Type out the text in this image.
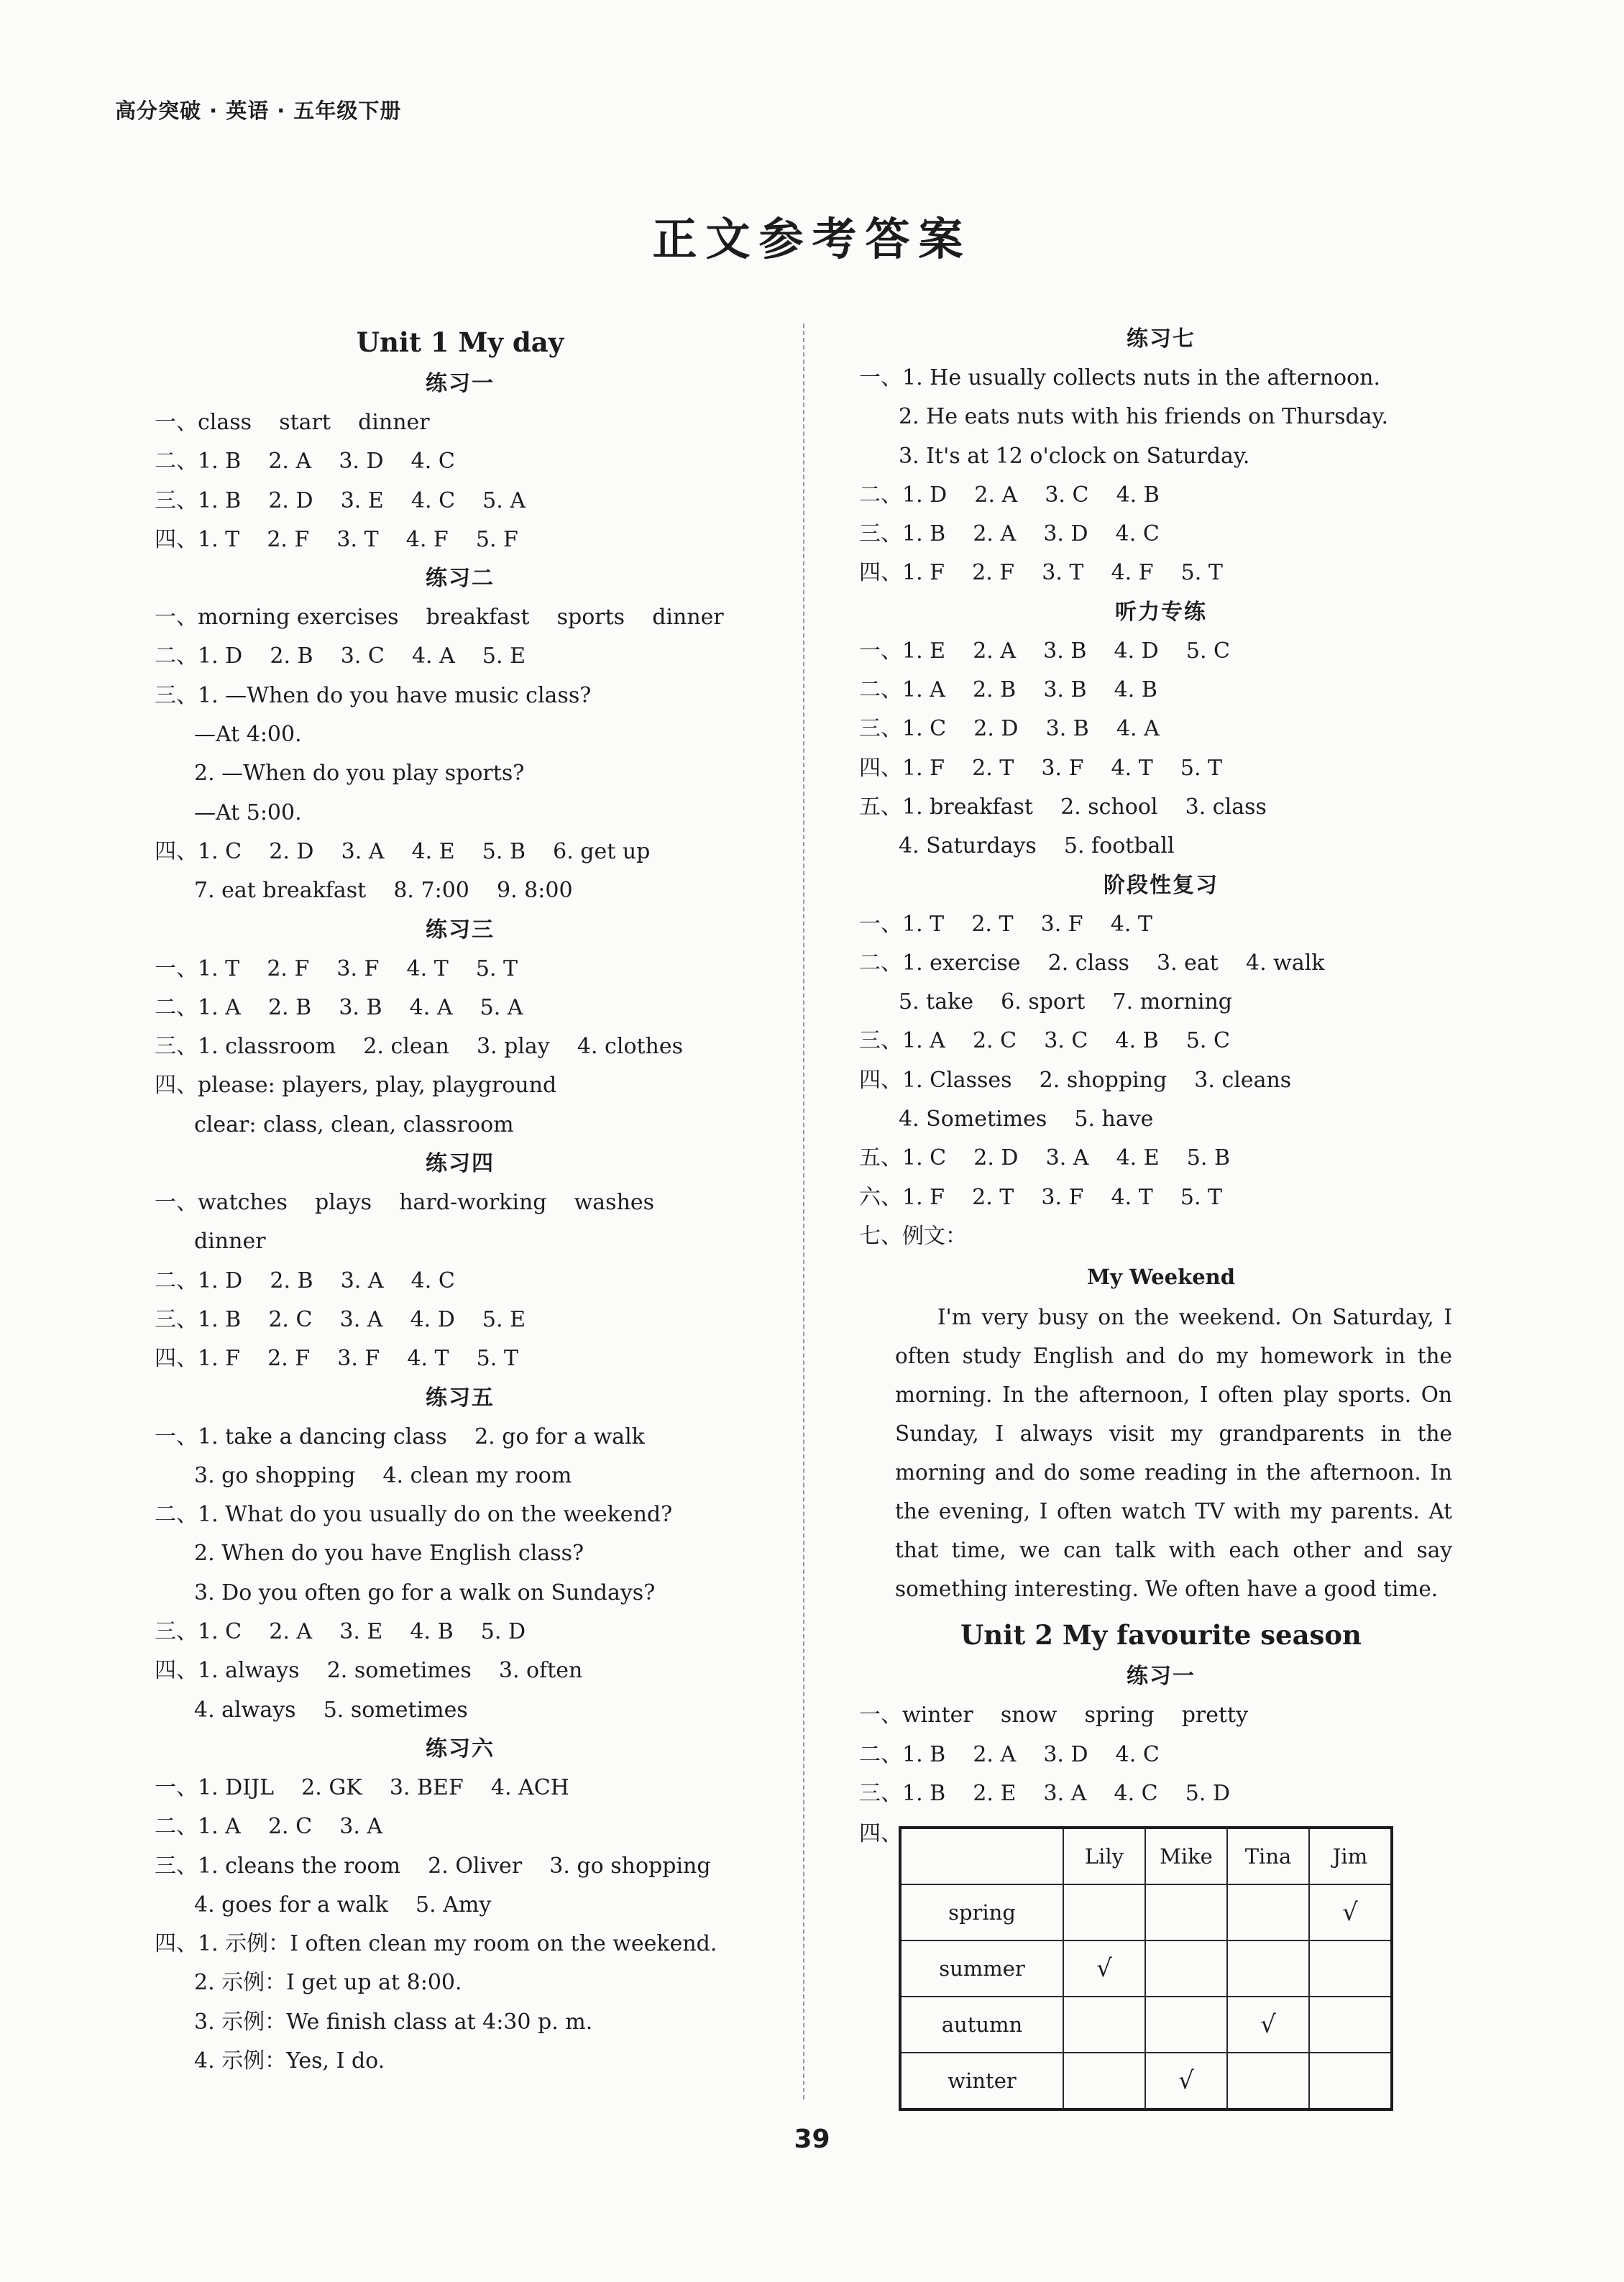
高分突破 · 英语 · 五年级下册
正文参考答案
Unit 1 My day
练习一
一、class    start    dinner
二、1. B    2. A    3. D    4. C
三、1. B    2. D    3. E    4. C    5. A
四、1. T    2. F    3. T    4. F    5. F
练习二
一、morning exercises    breakfast    sports    dinner
二、1. D    2. B    3. C    4. A    5. E
三、1. —When do you have music class?
—At 4:00.
2. —When do you play sports?
—At 5:00.
四、1. C    2. D    3. A    4. E    5. B    6. get up
7. eat breakfast    8. 7:00    9. 8:00
练习三
一、1. T    2. F    3. F    4. T    5. T
二、1. A    2. B    3. B    4. A    5. A
三、1. classroom    2. clean    3. play    4. clothes
四、please: players, play, playground
clear: class, clean, classroom
练习四
一、watches    plays    hard-working    washes
dinner
二、1. D    2. B    3. A    4. C
三、1. B    2. C    3. A    4. D    5. E
四、1. F    2. F    3. F    4. T    5. T
练习五
一、1. take a dancing class    2. go for a walk
3. go shopping    4. clean my room
二、1. What do you usually do on the weekend?
2. When do you have English class?
3. Do you often go for a walk on Sundays?
三、1. C    2. A    3. E    4. B    5. D
四、1. always    2. sometimes    3. often
4. always    5. sometimes
练习六
一、1. DIJL    2. GK    3. BEF    4. ACH
二、1. A    2. C    3. A
三、1. cleans the room    2. Oliver    3. go shopping
4. goes for a walk    5. Amy
四、1. 示例：I often clean my room on the weekend.
2. 示例：I get up at 8:00.
3. 示例：We finish class at 4:30 p. m.
4. 示例：Yes, I do.
练习七
一、1. He usually collects nuts in the afternoon.
2. He eats nuts with his friends on Thursday.
3. It's at 12 o'clock on Saturday.
二、1. D    2. A    3. C    4. B
三、1. B    2. A    3. D    4. C
四、1. F    2. F    3. T    4. F    5. T
听力专练
一、1. E    2. A    3. B    4. D    5. C
二、1. A    2. B    3. B    4. B
三、1. C    2. D    3. B    4. A
四、1. F    2. T    3. F    4. T    5. T
五、1. breakfast    2. school    3. class
4. Saturdays    5. football
阶段性复习
一、1. T    2. T    3. F    4. T
二、1. exercise    2. class    3. eat    4. walk
5. take    6. sport    7. morning
三、1. A    2. C    3. C    4. B    5. C
四、1. Classes    2. shopping    3. cleans
4. Sometimes    5. have
五、1. C    2. D    3. A    4. E    5. B
六、1. F    2. T    3. F    4. T    5. T
七、例文：
My Weekend
I'm very busy on the weekend. On Saturday, I often study English and do my homework in the morning. In the afternoon, I often play sports. On Sunday, I always visit my grandparents in the morning and do some reading in the afternoon. In the evening, I often watch TV with my parents. At that time, we can talk with each other and say something interesting. We often have a good time.
Unit 2 My favourite season
练习一
一、winter    snow    spring    pretty
二、1. B    2. A    3. D    4. C
三、1. B    2. E    3. A    4. C    5. D
四、
	Lily	Mike	Tina	Jim
spring				√
summer	√			
autumn			√	
winter		√		
39
